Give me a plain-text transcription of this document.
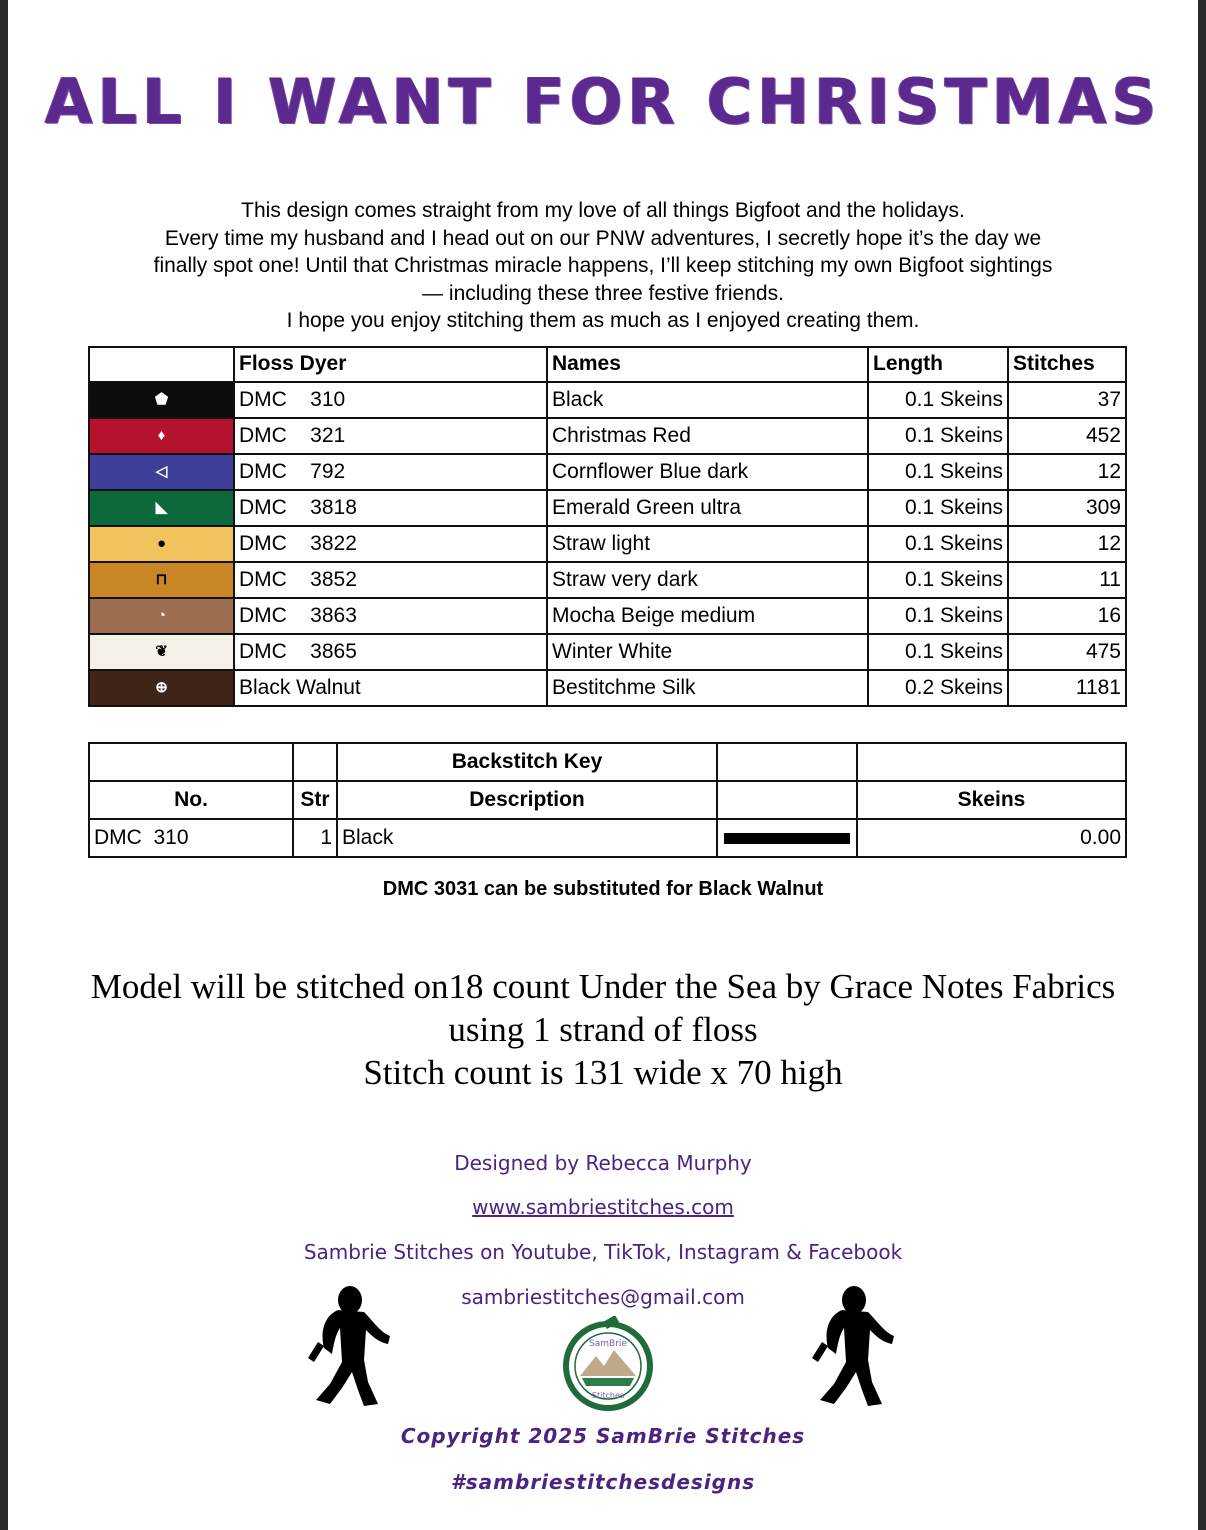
ALL I WANT FOR CHRISTMAS
This design comes straight from my love of all things Bigfoot and the holidays.
Every time my husband and I head out on our PNW adventures, I secretly hope it’s the day we
finally spot one! Until that Christmas miracle happens, I’ll keep stitching my own Bigfoot sightings
— including these three festive friends.
I hope you enjoy stitching them as much as I enjoyed creating them.
	Floss Dyer	Names	Length	Stitches
⬟	DMC    310	Black	0.1 Skeins	37
♦	DMC    321	Christmas Red	0.1 Skeins	452
◁	DMC    792	Cornflower Blue dark	0.1 Skeins	12
◣	DMC    3818	Emerald Green ultra	0.1 Skeins	309
●	DMC    3822	Straw light	0.1 Skeins	12
⊓	DMC    3852	Straw very dark	0.1 Skeins	11
◔	DMC    3863	Mocha Beige medium	0.1 Skeins	16
❦	DMC    3865	Winter White	0.1 Skeins	475
⊕	Black Walnut	Bestitchme Silk	0.2 Skeins	1181
		Backstitch Key		
No.	Str	Description		Skeins
DMC  310	1	Black		0.00
DMC 3031 can be substituted for Black Walnut
Model will be stitched on18 count Under the Sea by Grace Notes Fabrics
using 1 strand of floss
Stitch count is 131 wide x 70 high
Designed by Rebecca Murphy
www.sambriestitches.com
Sambrie Stitches on Youtube, TikTok, Instagram & Facebook
sambriestitches@gmail.com
Copyright 2025 SamBrie Stitches
#sambriestitchesdesigns
SamBrie
Stitches
